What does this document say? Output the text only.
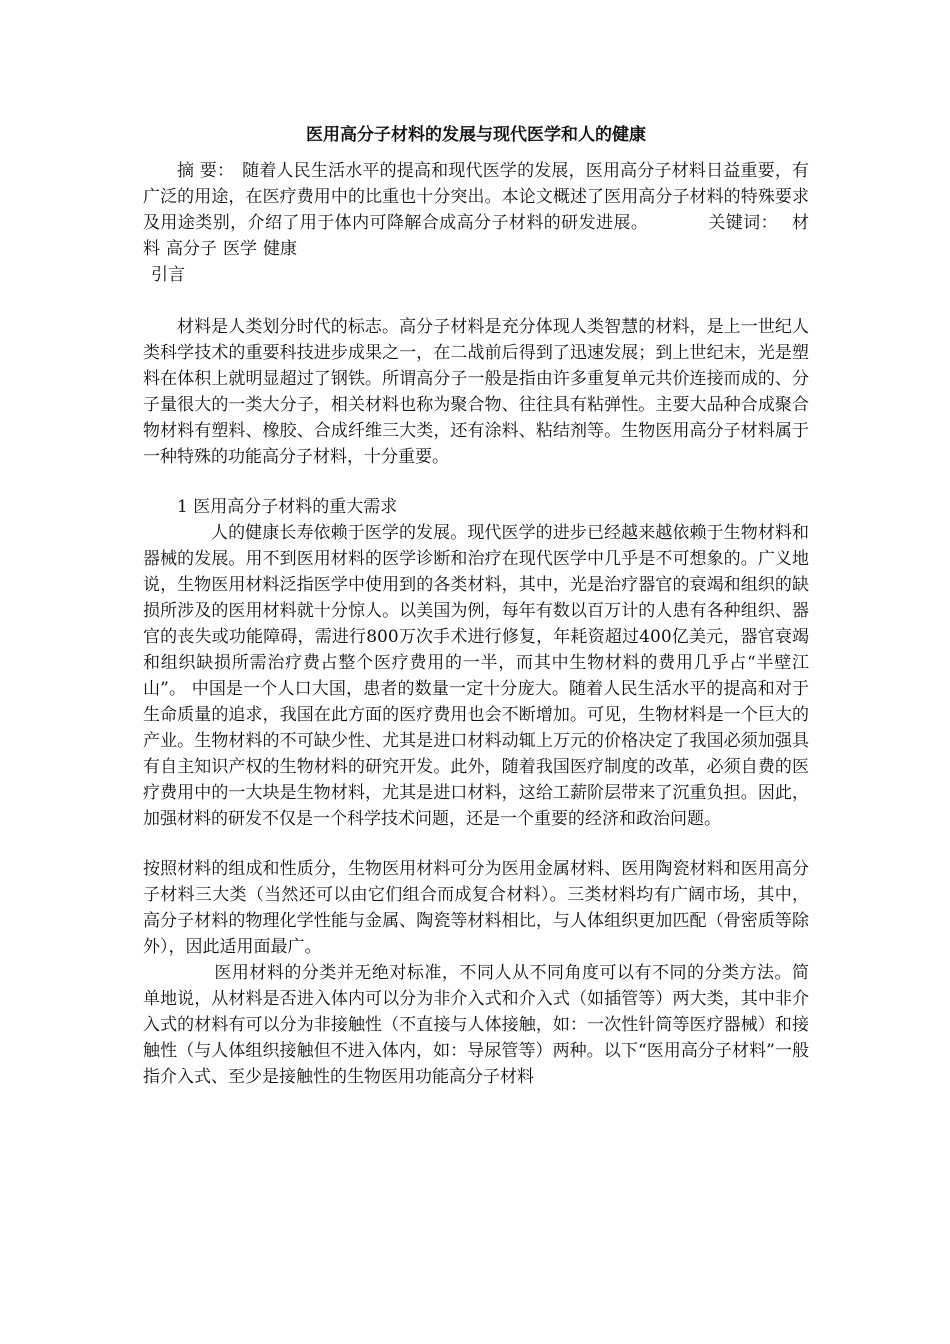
医用高分子材料的发展与现代医学和人的健康

摘 要： 随着人民生活水平的提高和现代医学的发展，医用高分子材料日益重要，有广泛的用途，在医疗费用中的比重也十分突出。本论文概述了医用高分子材料的特殊要求及用途类别，介绍了用于体内可降解合成高分子材料的研发进展。	关键词： 材料 高分子 医学 健康

引言

材料是人类划分时代的标志。高分子材料是充分体现人类智慧的材料，是上一世纪人类科学技术的重要科技进步成果之一，在二战前后得到了迅速发展；到上世纪末，光是塑料在体积上就明显超过了钢铁。所谓高分子一般是指由许多重复单元共价连接而成的、分子量很大的一类大分子，相关材料也称为聚合物、往往具有粘弹性。主要大品种合成聚合物材料有塑料、橡胶、合成纤维三大类，还有涂料、粘结剂等。生物医用高分子材料属于一种特殊的功能高分子材料，十分重要。

1 医用高分子材料的重大需求

人的健康长寿依赖于医学的发展。现代医学的进步已经越来越依赖于生物材料和器械的发展。用不到医用材料的医学诊断和治疗在现代医学中几乎是不可想象的。广义地说，生物医用材料泛指医学中使用到的各类材料，其中，光是治疗器官的衰竭和组织的缺损所涉及的医用材料就十分惊人。以美国为例，每年有数以百万计的人患有各种组织、器官的丧失或功能障碍，需进行800万次手术进行修复，年耗资超过400亿美元，器官衰竭和组织缺损所需治疗费占整个医疗费用的一半，而其中生物材料的费用几乎占“半壁江山”。 中国是一个人口大国，患者的数量一定十分庞大。随着人民生活水平的提高和对于生命质量的追求，我国在此方面的医疗费用也会不断增加。可见，生物材料是一个巨大的产业。生物材料的不可缺少性、尤其是进口材料动辄上万元的价格决定了我国必须加强具有自主知识产权的生物材料的研究开发。此外，随着我国医疗制度的改革，必须自费的医疗费用中的一大块是生物材料，尤其是进口材料，这给工薪阶层带来了沉重负担。因此，加强材料的研发不仅是一个科学技术问题，还是一个重要的经济和政治问题。

按照材料的组成和性质分，生物医用材料可分为医用金属材料、医用陶瓷材料和医用高分子材料三大类（当然还可以由它们组合而成复合材料）。三类材料均有广阔市场，其中，高分子材料的物理化学性能与金属、陶瓷等材料相比，与人体组织更加匹配（骨密质等除外），因此适用面最广。

医用材料的分类并无绝对标准，不同人从不同角度可以有不同的分类方法。简单地说，从材料是否进入体内可以分为非介入式和介入式（如插管等）两大类，其中非介入式的材料有可以分为非接触性（不直接与人体接触，如：一次性针筒等医疗器械）和接触性（与人体组织接触但不进入体内，如：导尿管等）两种。以下“医用高分子材料”一般指介入式、至少是接触性的生物医用功能高分子材料
